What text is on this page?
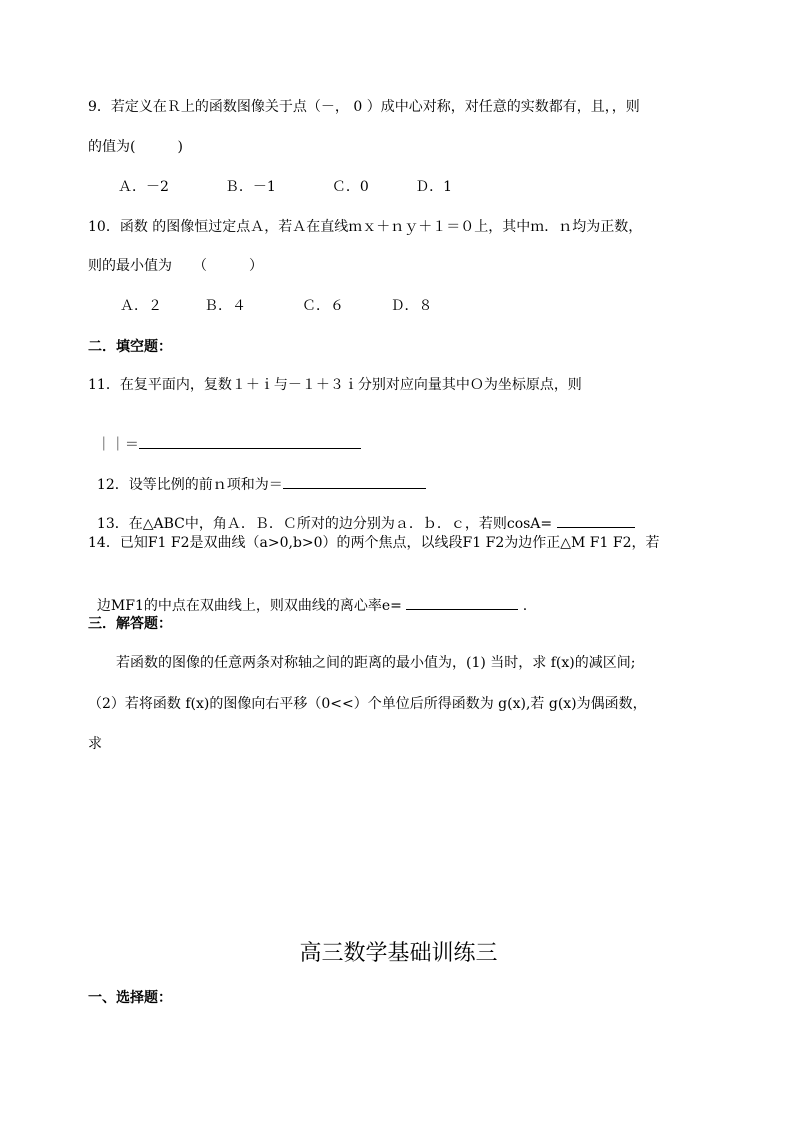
9．若定义在Ｒ上的函数图像关于点（－， 0 ）成中心对称，对任意的实数都有，且，，则
的值为(　　　)
Ａ．－2　　　　Ｂ．－1　　　　Ｃ．0　　　 Ｄ．1
10．函数 的图像恒过定点Ａ，若Ａ在直线ｍｘ＋ｎｙ＋１＝０上，其中ｍ．ｎ均为正数，
则的最小值为　　（　　　）
Ａ．２　　　Ｂ．４　　　　Ｃ．６　　　 Ｄ．８
二．填空题：
11．在复平面内，复数１＋ｉ与－１＋３ｉ分别对应向量其中Ｏ为坐标原点，则

｜｜＝

12．设等比例的前ｎ项和为＝

13．在△ABC中，角Ａ．Ｂ．Ｃ所对的边分别为ａ．ｂ．ｃ，若则cosA=

14．已知F1 F2是双曲线（a>0,b>0）的两个焦点，以线段F1 F2为边作正△M F1 F2，若

边MF1的中点在双曲线上，则双曲线的离心率e=	.

三．解答题：
　　若函数的图像的任意两条对称轴之间的距离的最小值为，(1) 当时，求 f(x)的减区间;
（2）若将函数 f(x)的图像向右平移（0<<）个单位后所得函数为 g(x),若 g(x)为偶函数，
求
高三数学基础训练三
一、选择题：
